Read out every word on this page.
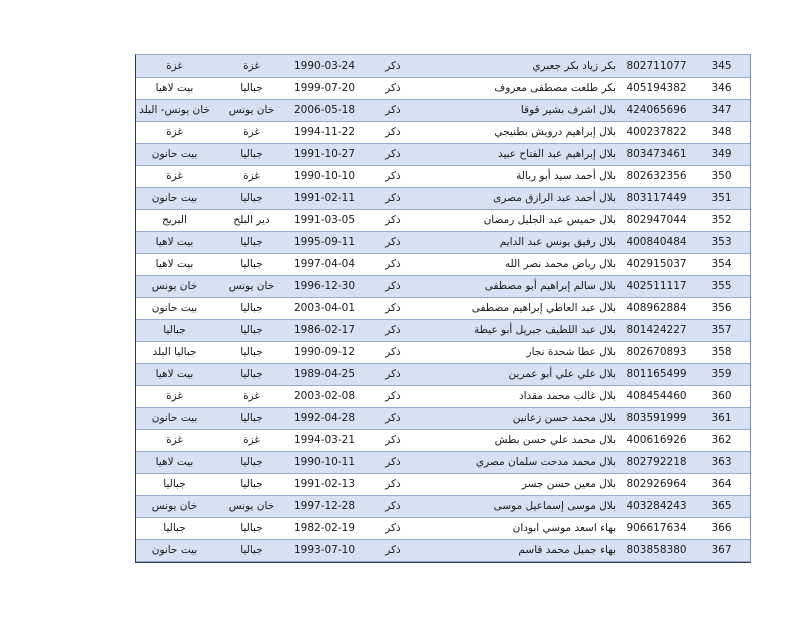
غزة	غزة	1990-03-24	ذكر	بكر زياد بكر جعبري	802711077	345
بيت لاهيا	جباليا	1999-07-20	ذكر	بكر طلعت مصطفى معروف	405194382	346
خان يونس- البلد	خان يونس	2006-05-18	ذكر	بلال اشرف بشير قوقا	424065696	347
غزة	غزة	1994-11-22	ذكر	بلال إبراهيم درويش بطنيجي	400237822	348
بيت حانون	جباليا	1991-10-27	ذكر	بلال إبراهيم عبد الفتاح عبيد	803473461	349
غزة	غزة	1990-10-10	ذكر	بلال أحمد سيد أبو ربالة	802632356	350
بيت حانون	جباليا	1991-02-11	ذكر	بلال أحمد عبد الرازق مصرى	803117449	351
البريج	دير البلح	1991-03-05	ذكر	بلال حميس عبد الجليل رمضان	802947044	352
بيت لاهيا	جباليا	1995-09-11	ذكر	بلال رفيق يونس عبد الدايم	400840484	353
بيت لاهيا	جباليا	1997-04-04	ذكر	بلال رياض محمد نصر الله	402915037	354
خان يونس	خان يونس	1996-12-30	ذكر	بلال سالم إبراهيم أبو مصطفى	402511117	355
بيت حانون	جباليا	2003-04-01	ذكر	بلال عبد العاطي إبراهيم مصطفى	408962884	356
جباليا	جباليا	1986-02-17	ذكر	بلال عبد اللطيف جبريل أبو عيطة	801424227	357
جباليا البلد	جباليا	1990-09-12	ذكر	بلال عطا شحدة نجار	802670893	358
بيت لاهيا	جباليا	1989-04-25	ذكر	بلال علي علي أبو عمرين	801165499	359
غزة	غزة	2003-02-08	ذكر	بلال غالب محمد مقداد	408454460	360
بيت حانون	جباليا	1992-04-28	ذكر	بلال محمد حسن زعانين	803591999	361
غزة	غزة	1994-03-21	ذكر	بلال محمد علي حسن بطش	400616926	362
بيت لاهيا	جباليا	1990-10-11	ذكر	بلال محمد مدحت سلمان مصري	802792218	363
جباليا	جباليا	1991-02-13	ذكر	بلال معين حسن جسر	802926964	364
خان يونس	خان يونس	1997-12-28	ذكر	بلال موسى إسماعيل موسى	403284243	365
جباليا	جباليا	1982-02-19	ذكر	بهاء اسعد موسي ابودان	906617634	366
بيت حانون	جباليا	1993-07-10	ذكر	بهاء جميل محمد قاسم	803858380	367
